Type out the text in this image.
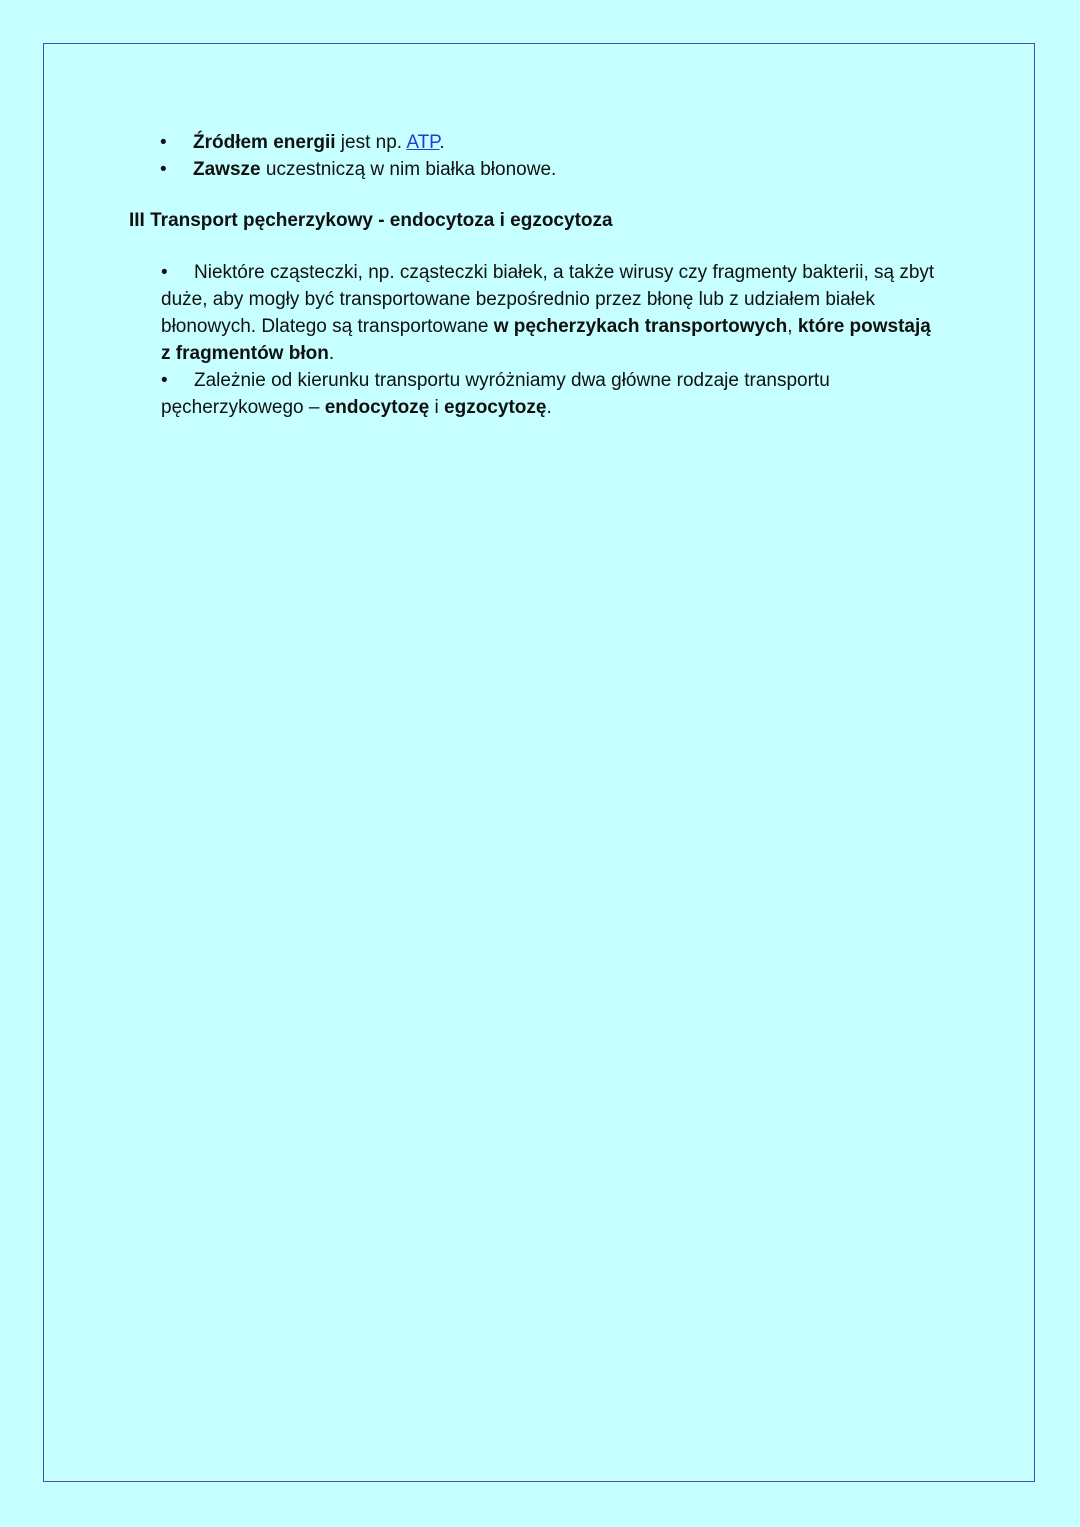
•	Źródłem energii jest np. ATP.
•	Zawsze uczestniczą w nim białka błonowe.
III Transport pęcherzykowy - endocytoza i egzocytoza
• Niektóre cząsteczki, np. cząsteczki białek, a także wirusy czy fragmenty bakterii, są zbyt duże, aby mogły być transportowane bezpośrednio przez błonę lub z udziałem białek błonowych. Dlatego są transportowane w pęcherzykach transportowych, które powstają z fragmentów błon.
• Zależnie od kierunku transportu wyróżniamy dwa główne rodzaje transportu pęcherzykowego – endocytozę i egzocytozę.
